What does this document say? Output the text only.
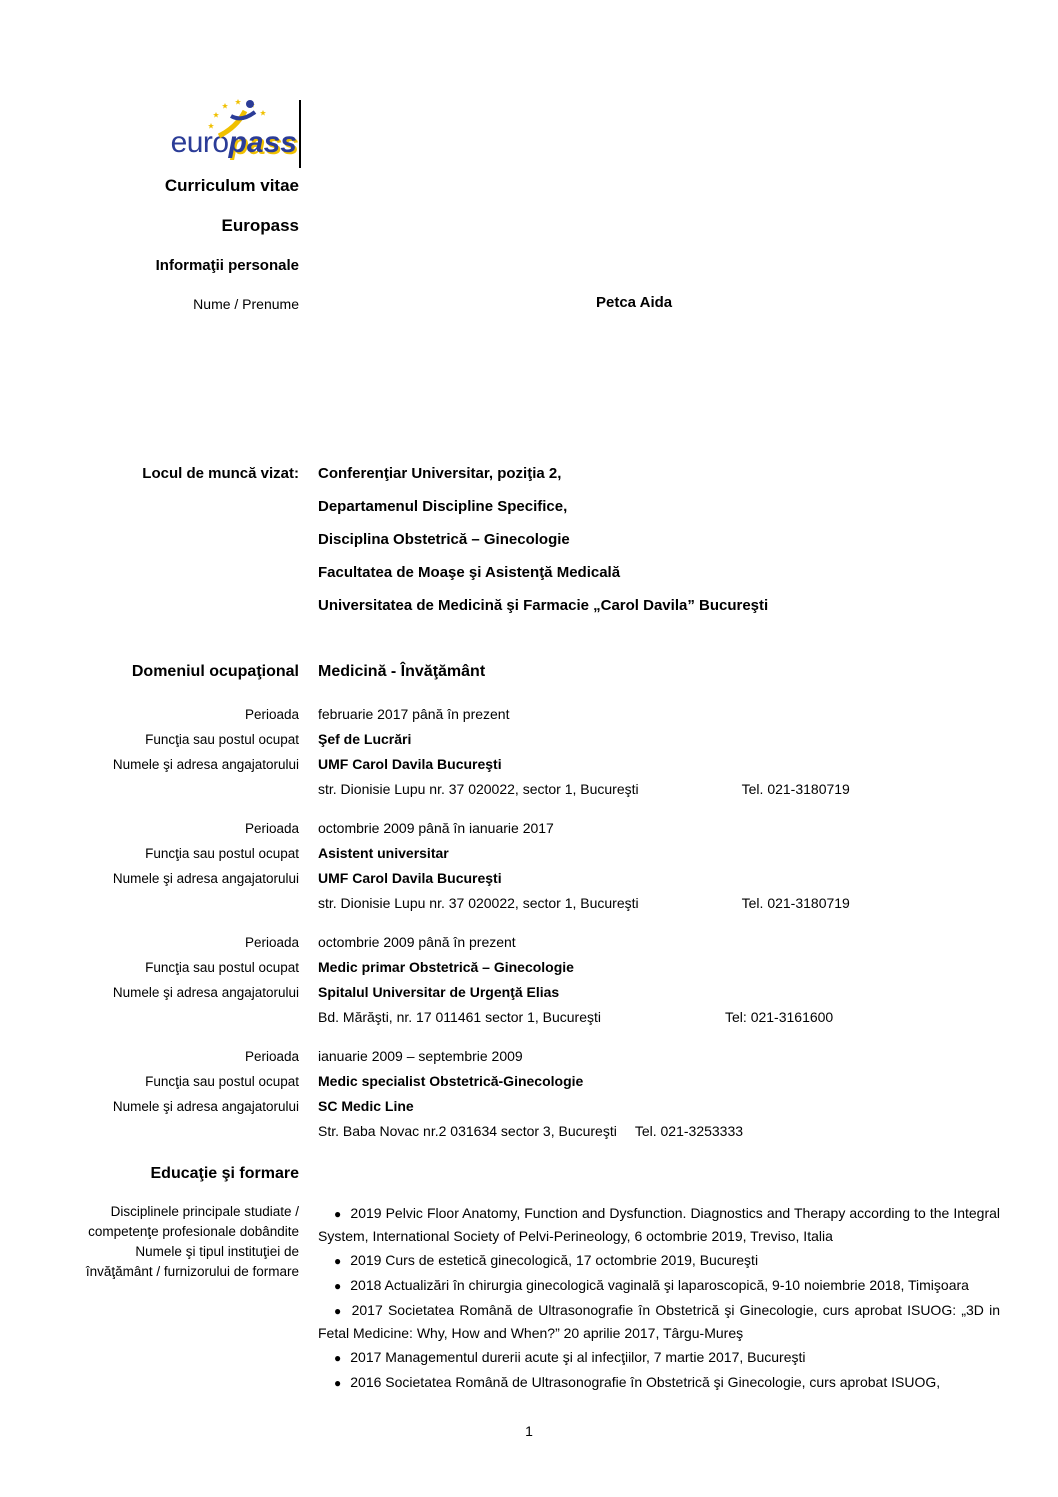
europass
Curriculum vitae
Europass
Informaţii personale
Nume / Prenume	Petca Aida
Locul de muncă vizat: Conferenţiar Universitar, poziţia 2,
Departamenul Discipline Specifice,
Disciplina Obstetrică – Ginecologie
Facultatea de Moaşe şi Asistenţă Medicală
Universitatea de Medicină şi Farmacie „Carol Davila” Bucureşti
Domeniul ocupaţional	Medicină - Învăţământ
Perioada	februarie 2017 până în prezent
Funcţia sau postul ocupat	Şef de Lucrări
Numele şi adresa angajatorului	UMF Carol Davila Bucureşti
str. Dionisie Lupu nr. 37 020022, sector 1, Bucureşti	Tel. 021-3180719
Perioada	octombrie 2009 până în ianuarie 2017
Funcţia sau postul ocupat	Asistent universitar
Numele şi adresa angajatorului	UMF Carol Davila Bucureşti
str. Dionisie Lupu nr. 37 020022, sector 1, Bucureşti	Tel. 021-3180719
Perioada	octombrie 2009 până în prezent
Funcţia sau postul ocupat	Medic primar Obstetrică – Ginecologie
Numele şi adresa angajatorului	Spitalul Universitar de Urgenţă Elias
Bd. Mărăşti, nr. 17 011461 sector 1, Bucureşti	Tel: 021-3161600
Perioada	ianuarie 2009 – septembrie 2009
Funcţia sau postul ocupat	Medic specialist Obstetrică-Ginecologie
Numele şi adresa angajatorului	SC Medic Line
Str. Baba Novac nr.2 031634 sector 3, Bucureşti Tel. 021-3253333
Educaţie şi formare
Disciplinele principale studiate /
competenţe profesionale dobândite
Numele şi tipul instituţiei de
învăţământ / furnizorului de formare
● 2019 Pelvic Floor Anatomy, Function and Dysfunction. Diagnostics and Therapy according to the Integral System, International Society of Pelvi-Perineology, 6 octombrie 2019, Treviso, Italia
● 2019 Curs de estetică ginecologică, 17 octombrie 2019, Bucureşti
● 2018 Actualizări în chirurgia ginecologică vaginală şi laparoscopică, 9-10 noiembrie 2018, Timişoara
● 2017 Societatea Română de Ultrasonografie în Obstetrică şi Ginecologie, curs aprobat ISUOG: „3D in Fetal Medicine: Why, How and When?” 20 aprilie 2017, Târgu-Mureş
● 2017 Managementul durerii acute şi al infecţiilor, 7 martie 2017, Bucureşti
● 2016 Societatea Română de Ultrasonografie în Obstetrică şi Ginecologie, curs aprobat ISUOG,
1
